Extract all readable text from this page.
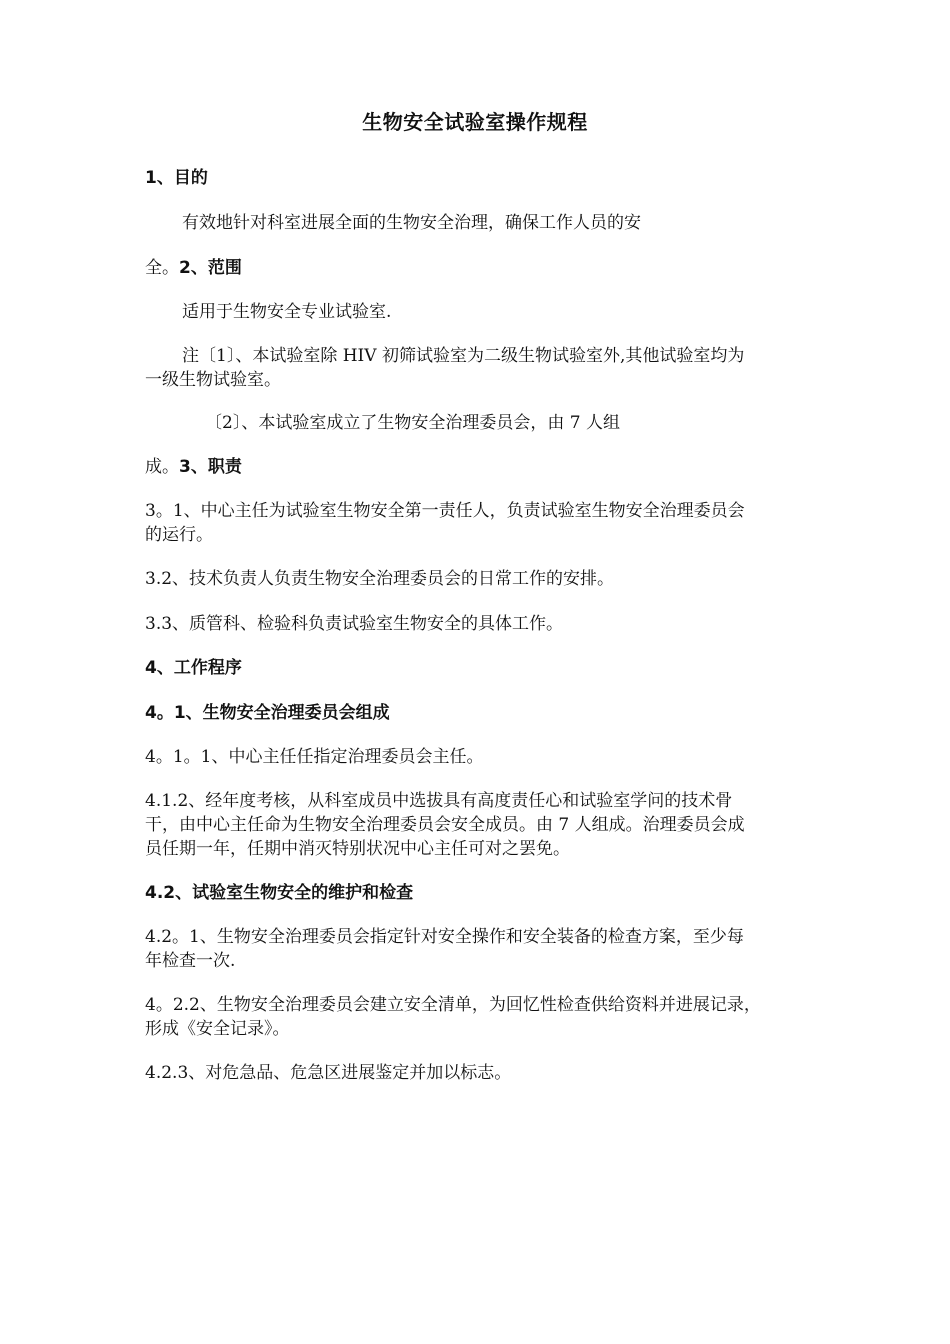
生物安全试验室操作规程
1、目的
有效地针对科室进展全面的生物安全治理，确保工作人员的安
全。2、范围
适用于生物安全专业试验室.
注〔1〕、本试验室除 HIV 初筛试验室为二级生物试验室外,其他试验室均为
一级生物试验室。
〔2〕、本试验室成立了生物安全治理委员会，由 7 人组
成。3、职责
3。1、中心主任为试验室生物安全第一责任人，负责试验室生物安全治理委员会
的运行。
3.2、技术负责人负责生物安全治理委员会的日常工作的安排。
3.3、质管科、检验科负责试验室生物安全的具体工作。
4、工作程序
4。1、生物安全治理委员会组成
4。1。1、中心主任任指定治理委员会主任。
4.1.2、经年度考核，从科室成员中选拔具有高度责任心和试验室学问的技术骨
干，由中心主任命为生物安全治理委员会安全成员。由 7 人组成。治理委员会成
员任期一年，任期中消灭特别状况中心主任可对之罢免。
4.2、试验室生物安全的维护和检查
4.2。1、生物安全治理委员会指定针对安全操作和安全装备的检查方案，至少每
年检查一次.
4。2.2、生物安全治理委员会建立安全清单，为回忆性检查供给资料并进展记录，
形成《安全记录》。
4.2.3、对危急品、危急区进展鉴定并加以标志。
